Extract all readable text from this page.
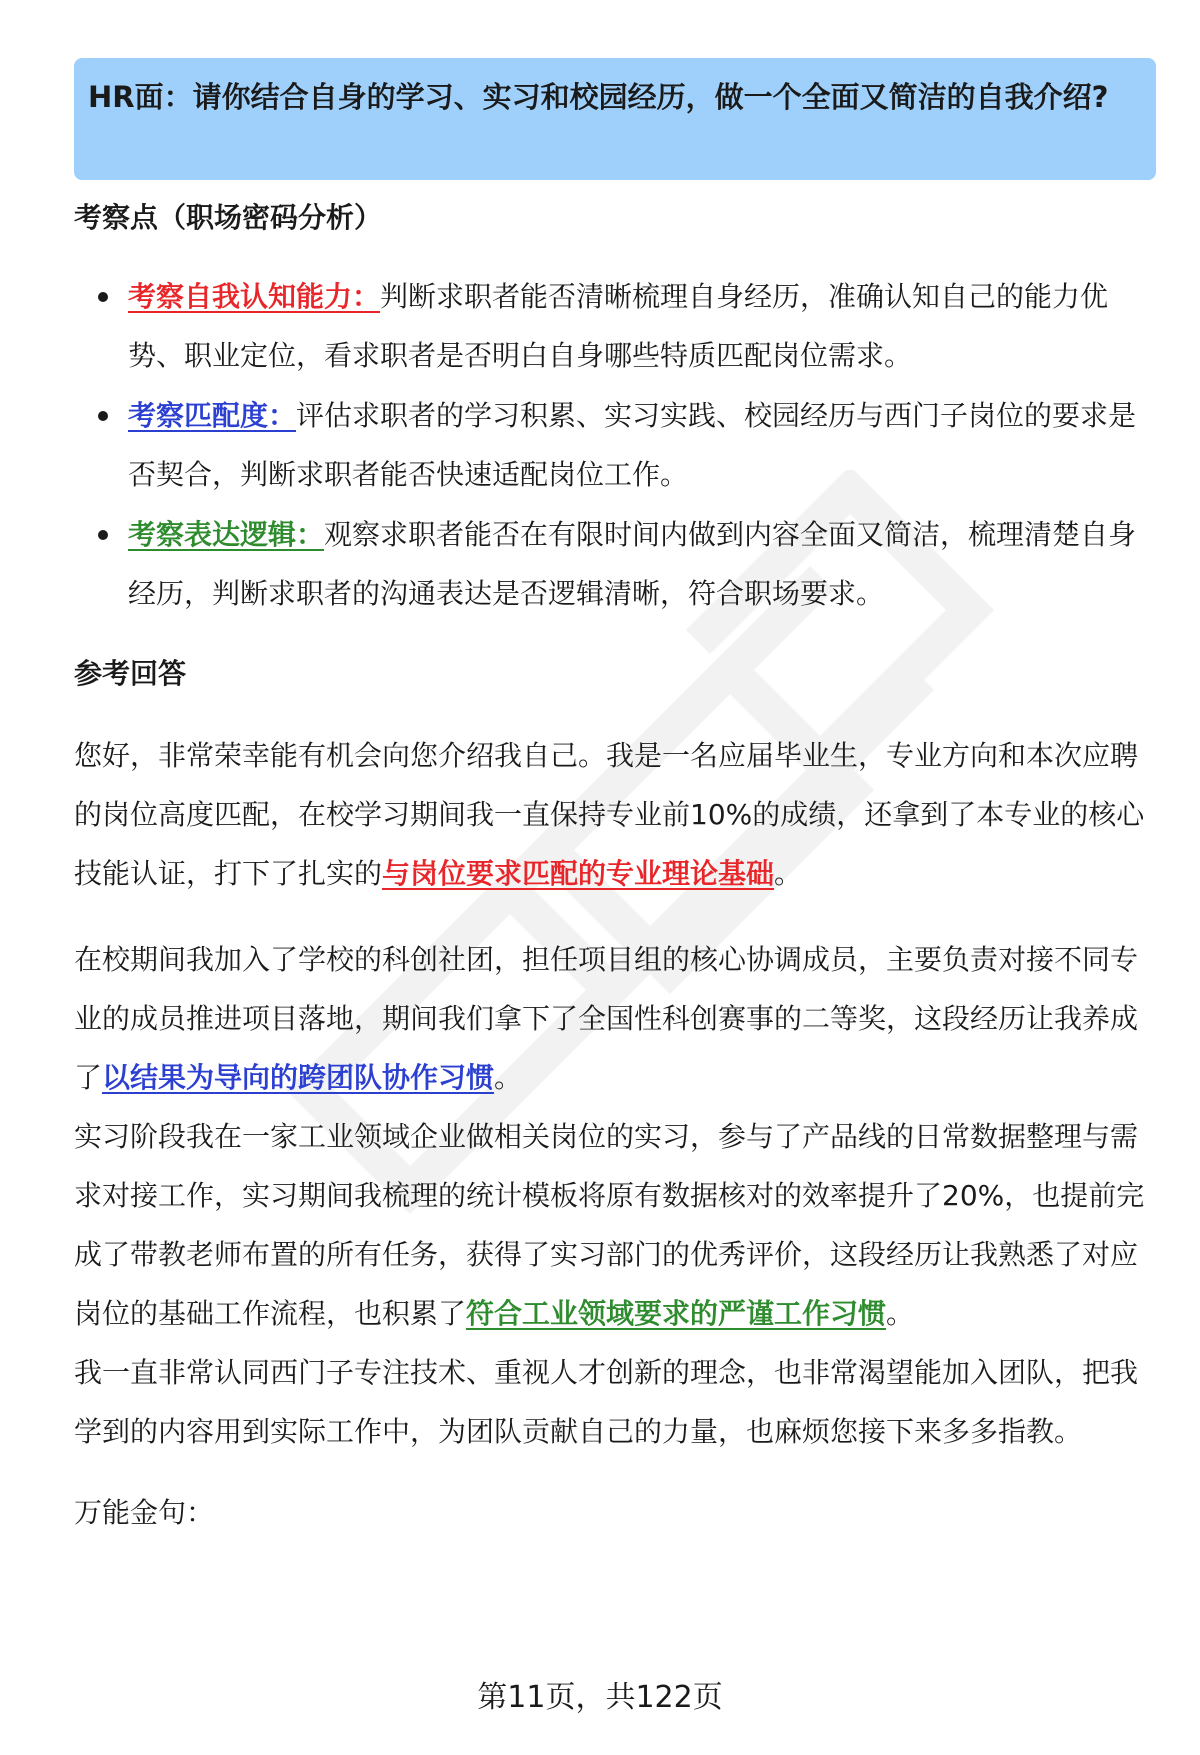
HR面：请你结合自身的学习、实习和校园经历，做一个全面又简洁的自我介绍?

考察点（职场密码分析）

考察自我认知能力：判断求职者能否清晰梳理自身经历，准确认知自己的能力优势、职业定位，看求职者是否明白自身哪些特质匹配岗位需求。
考察匹配度：评估求职者的学习积累、实习实践、校园经历与西门子岗位的要求是否契合，判断求职者能否快速适配岗位工作。
考察表达逻辑：观察求职者能否在有限时间内做到内容全面又简洁，梳理清楚自身经历，判断求职者的沟通表达是否逻辑清晰，符合职场要求。

参考回答

您好，非常荣幸能有机会向您介绍我自己。我是一名应届毕业生，专业方向和本次应聘的岗位高度匹配，在校学习期间我一直保持专业前10%的成绩，还拿到了本专业的核心技能认证，打下了扎实的与岗位要求匹配的专业理论基础。

在校期间我加入了学校的科创社团，担任项目组的核心协调成员，主要负责对接不同专业的成员推进项目落地，期间我们拿下了全国性科创赛事的二等奖，这段经历让我养成了以结果为导向的跨团队协作习惯。
实习阶段我在一家工业领域企业做相关岗位的实习，参与了产品线的日常数据整理与需求对接工作，实习期间我梳理的统计模板将原有数据核对的效率提升了20%，也提前完成了带教老师布置的所有任务，获得了实习部门的优秀评价，这段经历让我熟悉了对应岗位的基础工作流程，也积累了符合工业领域要求的严谨工作习惯。
我一直非常认同西门子专注技术、重视人才创新的理念，也非常渴望能加入团队，把我学到的内容用到实际工作中，为团队贡献自己的力量，也麻烦您接下来多多指教。
万能金句：
第11页，共122页
